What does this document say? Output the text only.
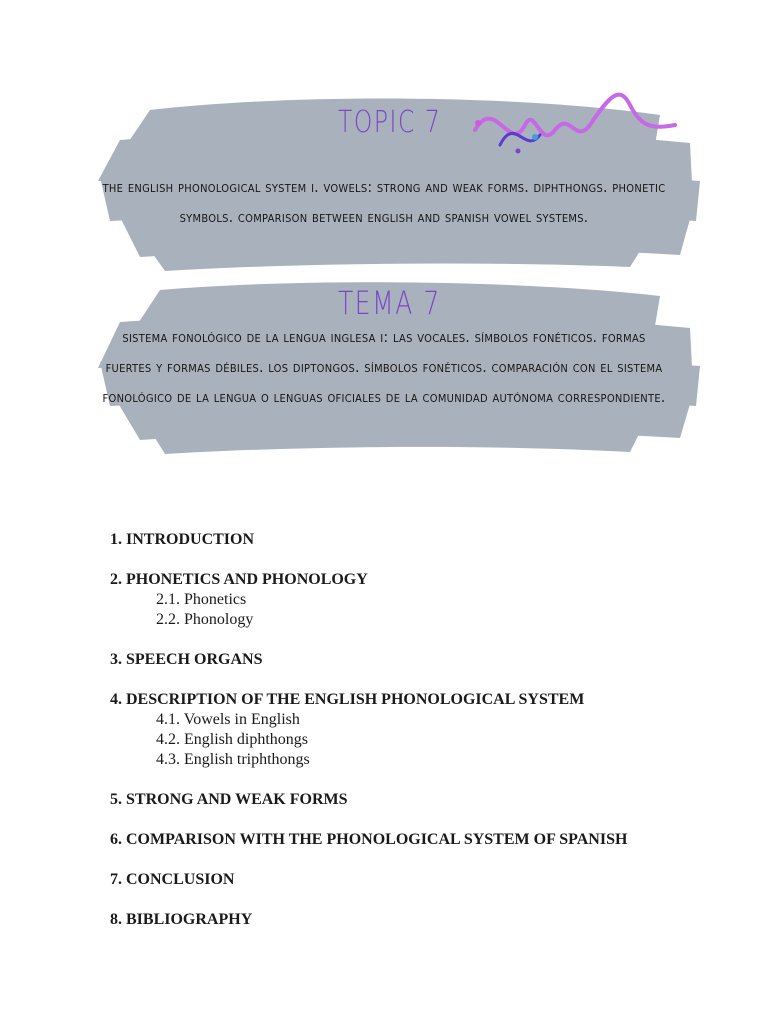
TOPIC 7
the english phonological system i. vowels: strong and weak forms. diphthongs. phonetic symbols. comparison between english and spanish vowel systems.
TEMA 7
sistema fonológico de la lengua inglesa i: las vocales. símbolos fonéticos. formas fuertes y formas débiles. los diptongos. símbolos fonéticos. comparación con el sistema fonológico de la lengua o lenguas oficiales de la comunidad autónoma correspondiente.
1. INTRODUCTION
2. PHONETICS AND PHONOLOGY
2.1. Phonetics
2.2. Phonology
3. SPEECH ORGANS
4. DESCRIPTION OF THE ENGLISH PHONOLOGICAL SYSTEM
4.1. Vowels in English
4.2. English diphthongs
4.3. English triphthongs
5. STRONG AND WEAK FORMS
6. COMPARISON WITH THE PHONOLOGICAL SYSTEM OF SPANISH
7. CONCLUSION
8. BIBLIOGRAPHY
